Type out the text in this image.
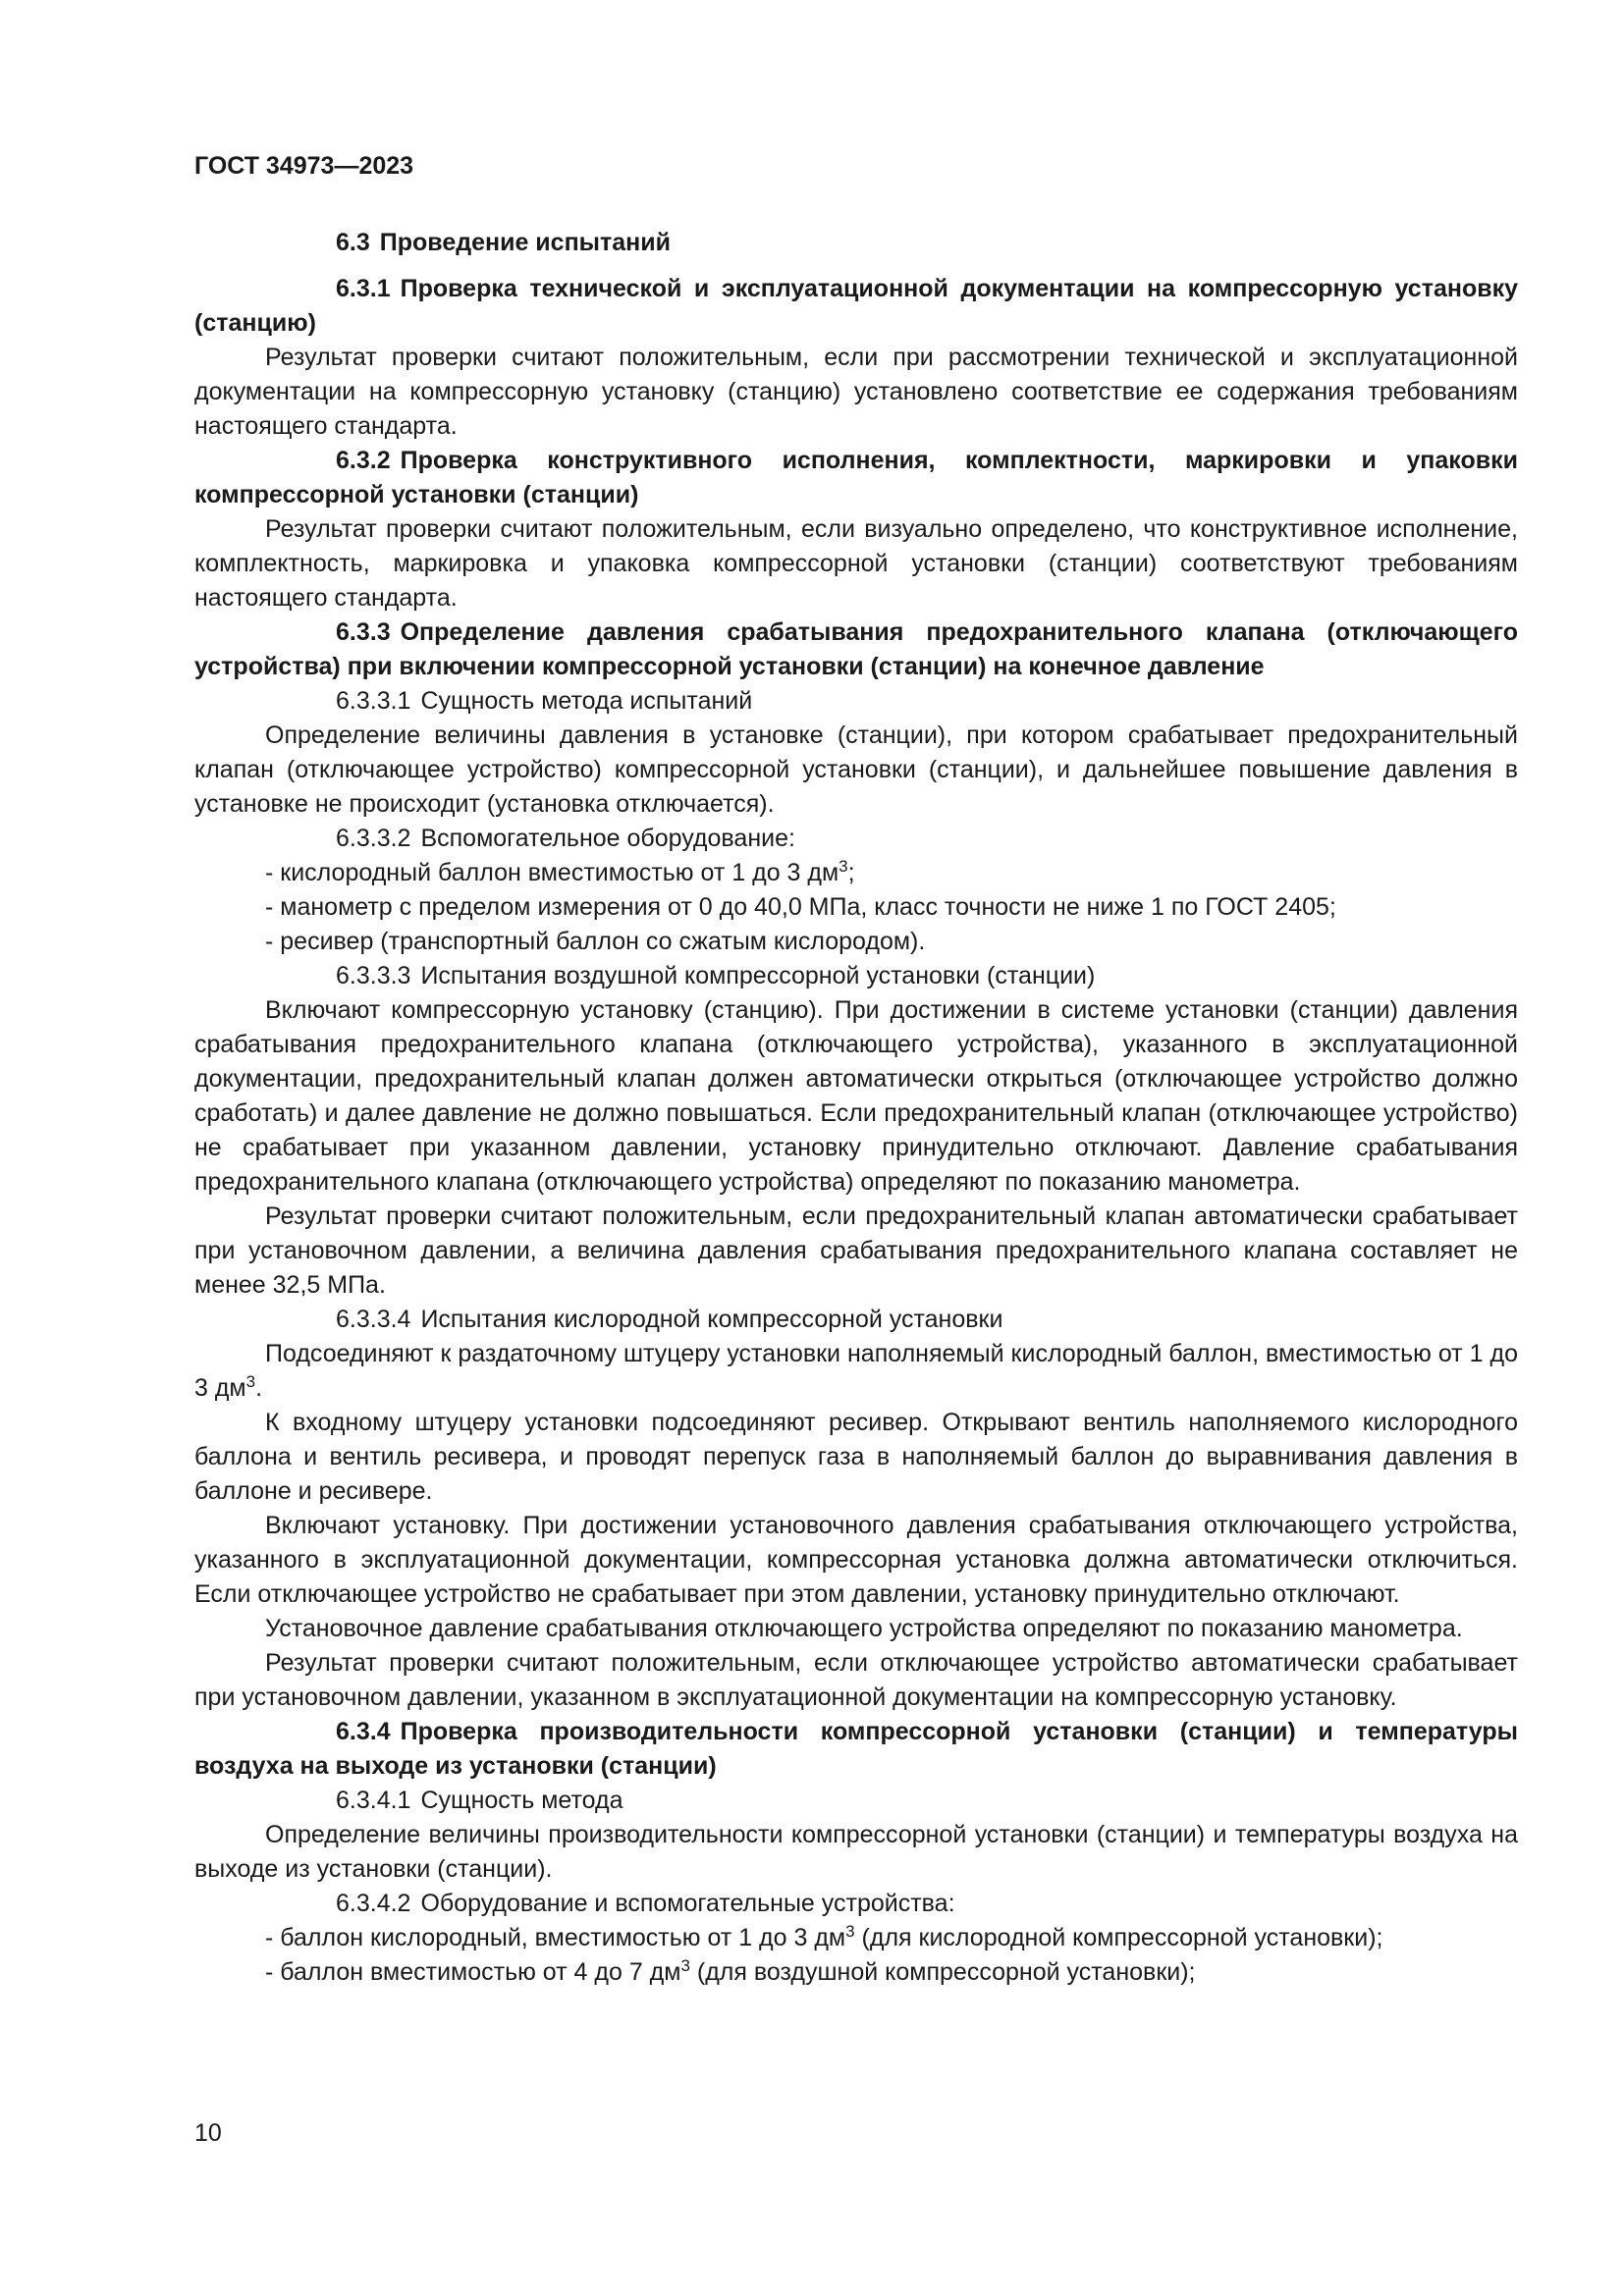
ГОСТ 34973—2023

6.3 Проведение испытаний

6.3.1 Проверка технической и эксплуатационной документации на компрессорную установку (станцию)

Результат проверки считают положительным, если при рассмотрении технической и эксплуатационной документации на компрессорную установку (станцию) установлено соответствие ее содержания требованиям настоящего стандарта.

6.3.2 Проверка конструктивного исполнения, комплектности, маркировки и упаковки компрессорной установки (станции)

Результат проверки считают положительным, если визуально определено, что конструктивное исполнение, комплектность, маркировка и упаковка компрессорной установки (станции) соответствуют требованиям настоящего стандарта.

6.3.3 Определение давления срабатывания предохранительного клапана (отключающего устройства) при включении компрессорной установки (станции) на конечное давление

6.3.3.1 Сущность метода испытаний

Определение величины давления в установке (станции), при котором срабатывает предохранительный клапан (отключающее устройство) компрессорной установки (станции), и дальнейшее повышение давления в установке не происходит (установка отключается).

6.3.3.2 Вспомогательное оборудование:

- кислородный баллон вместимостью от 1 до 3 $дм^3$;

- манометр с пределом измерения от 0 до 40,0 МПа, класс точности не ниже 1 по ГОСТ 2405;

- ресивер (транспортный баллон со сжатым кислородом).

6.3.3.3 Испытания воздушной компрессорной установки (станции)

Включают компрессорную установку (станцию). При достижении в системе установки (станции) давления срабатывания предохранительного клапана (отключающего устройства), указанного в эксплуатационной документации, предохранительный клапан должен автоматически открыться (отключающее устройство должно сработать) и далее давление не должно повышаться. Если предохранительный клапан (отключающее устройство) не срабатывает при указанном давлении, установку принудительно отключают. Давление срабатывания предохранительного клапана (отключающего устройства) определяют по показанию манометра.

Результат проверки считают положительным, если предохранительный клапан автоматически срабатывает при установочном давлении, а величина давления срабатывания предохранительного клапана составляет не менее 32,5 МПа.

6.3.3.4 Испытания кислородной компрессорной установки

Подсоединяют к раздаточному штуцеру установки наполняемый кислородный баллон, вместимостью от 1 до 3 $дм^3$.

К входному штуцеру установки подсоединяют ресивер. Открывают вентиль наполняемого кислородного баллона и вентиль ресивера, и проводят перепуск газа в наполняемый баллон до выравнивания давления в баллоне и ресивере.

Включают установку. При достижении установочного давления срабатывания отключающего устройства, указанного в эксплуатационной документации, компрессорная установка должна автоматически отключиться. Если отключающее устройство не срабатывает при этом давлении, установку принудительно отключают.

Установочное давление срабатывания отключающего устройства определяют по показанию манометра.

Результат проверки считают положительным, если отключающее устройство автоматически срабатывает при установочном давлении, указанном в эксплуатационной документации на компрессорную установку.

6.3.4 Проверка производительности компрессорной установки (станции) и температуры воздуха на выходе из установки (станции)

6.3.4.1 Сущность метода

Определение величины производительности компрессорной установки (станции) и температуры воздуха на выходе из установки (станции).

6.3.4.2 Оборудование и вспомогательные устройства:

- баллон кислородный, вместимостью от 1 до 3 $дм^3$ (для кислородной компрессорной установки);

- баллон вместимостью от 4 до 7 $дм^3$ (для воздушной компрессорной установки);

10
